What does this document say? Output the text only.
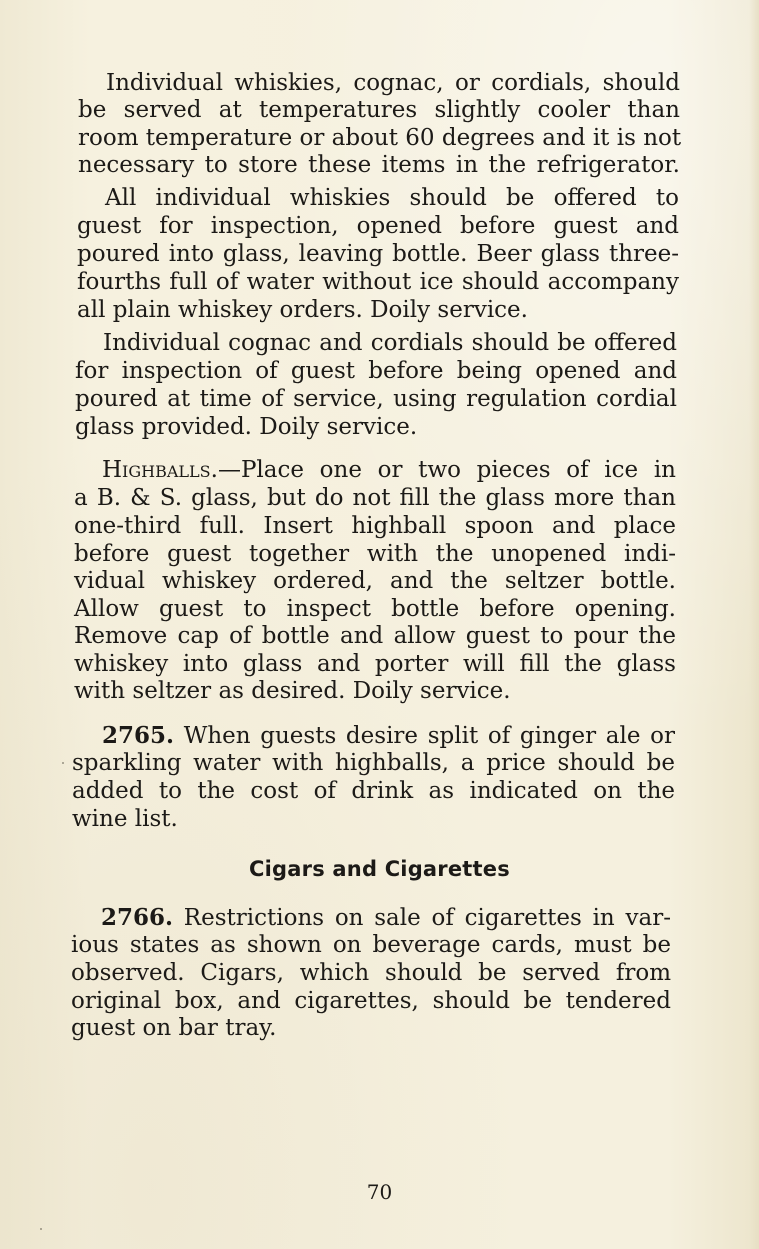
Individual whiskies, cognac, or cordials, should
be served at temperatures slightly cooler than
room temperature or about 60 degrees and it is not
necessary to store these items in the refrigerator.
All individual whiskies should be offered to
guest for inspection, opened before guest and
poured into glass, leaving bottle. Beer glass three-
fourths full of water without ice should accompany
all plain whiskey orders. Doily service.
Individual cognac and cordials should be offered
for inspection of guest before being opened and
poured at time of service, using regulation cordial
glass provided. Doily service.
Highballs.—Place one or two pieces of ice in
a B. & S. glass, but do not fill the glass more than
one-third full. Insert highball spoon and place
before guest together with the unopened indi-
vidual whiskey ordered, and the seltzer bottle.
Allow guest to inspect bottle before opening.
Remove cap of bottle and allow guest to pour the
whiskey into glass and porter will fill the glass
with seltzer as desired. Doily service.
2765. When guests desire split of ginger ale or
sparkling water with highballs, a price should be
added to the cost of drink as indicated on the
wine list.
Cigars and Cigarettes
2766. Restrictions on sale of cigarettes in var-
ious states as shown on beverage cards, must be
observed. Cigars, which should be served from
original box, and cigarettes, should be tendered
guest on bar tray.
70
